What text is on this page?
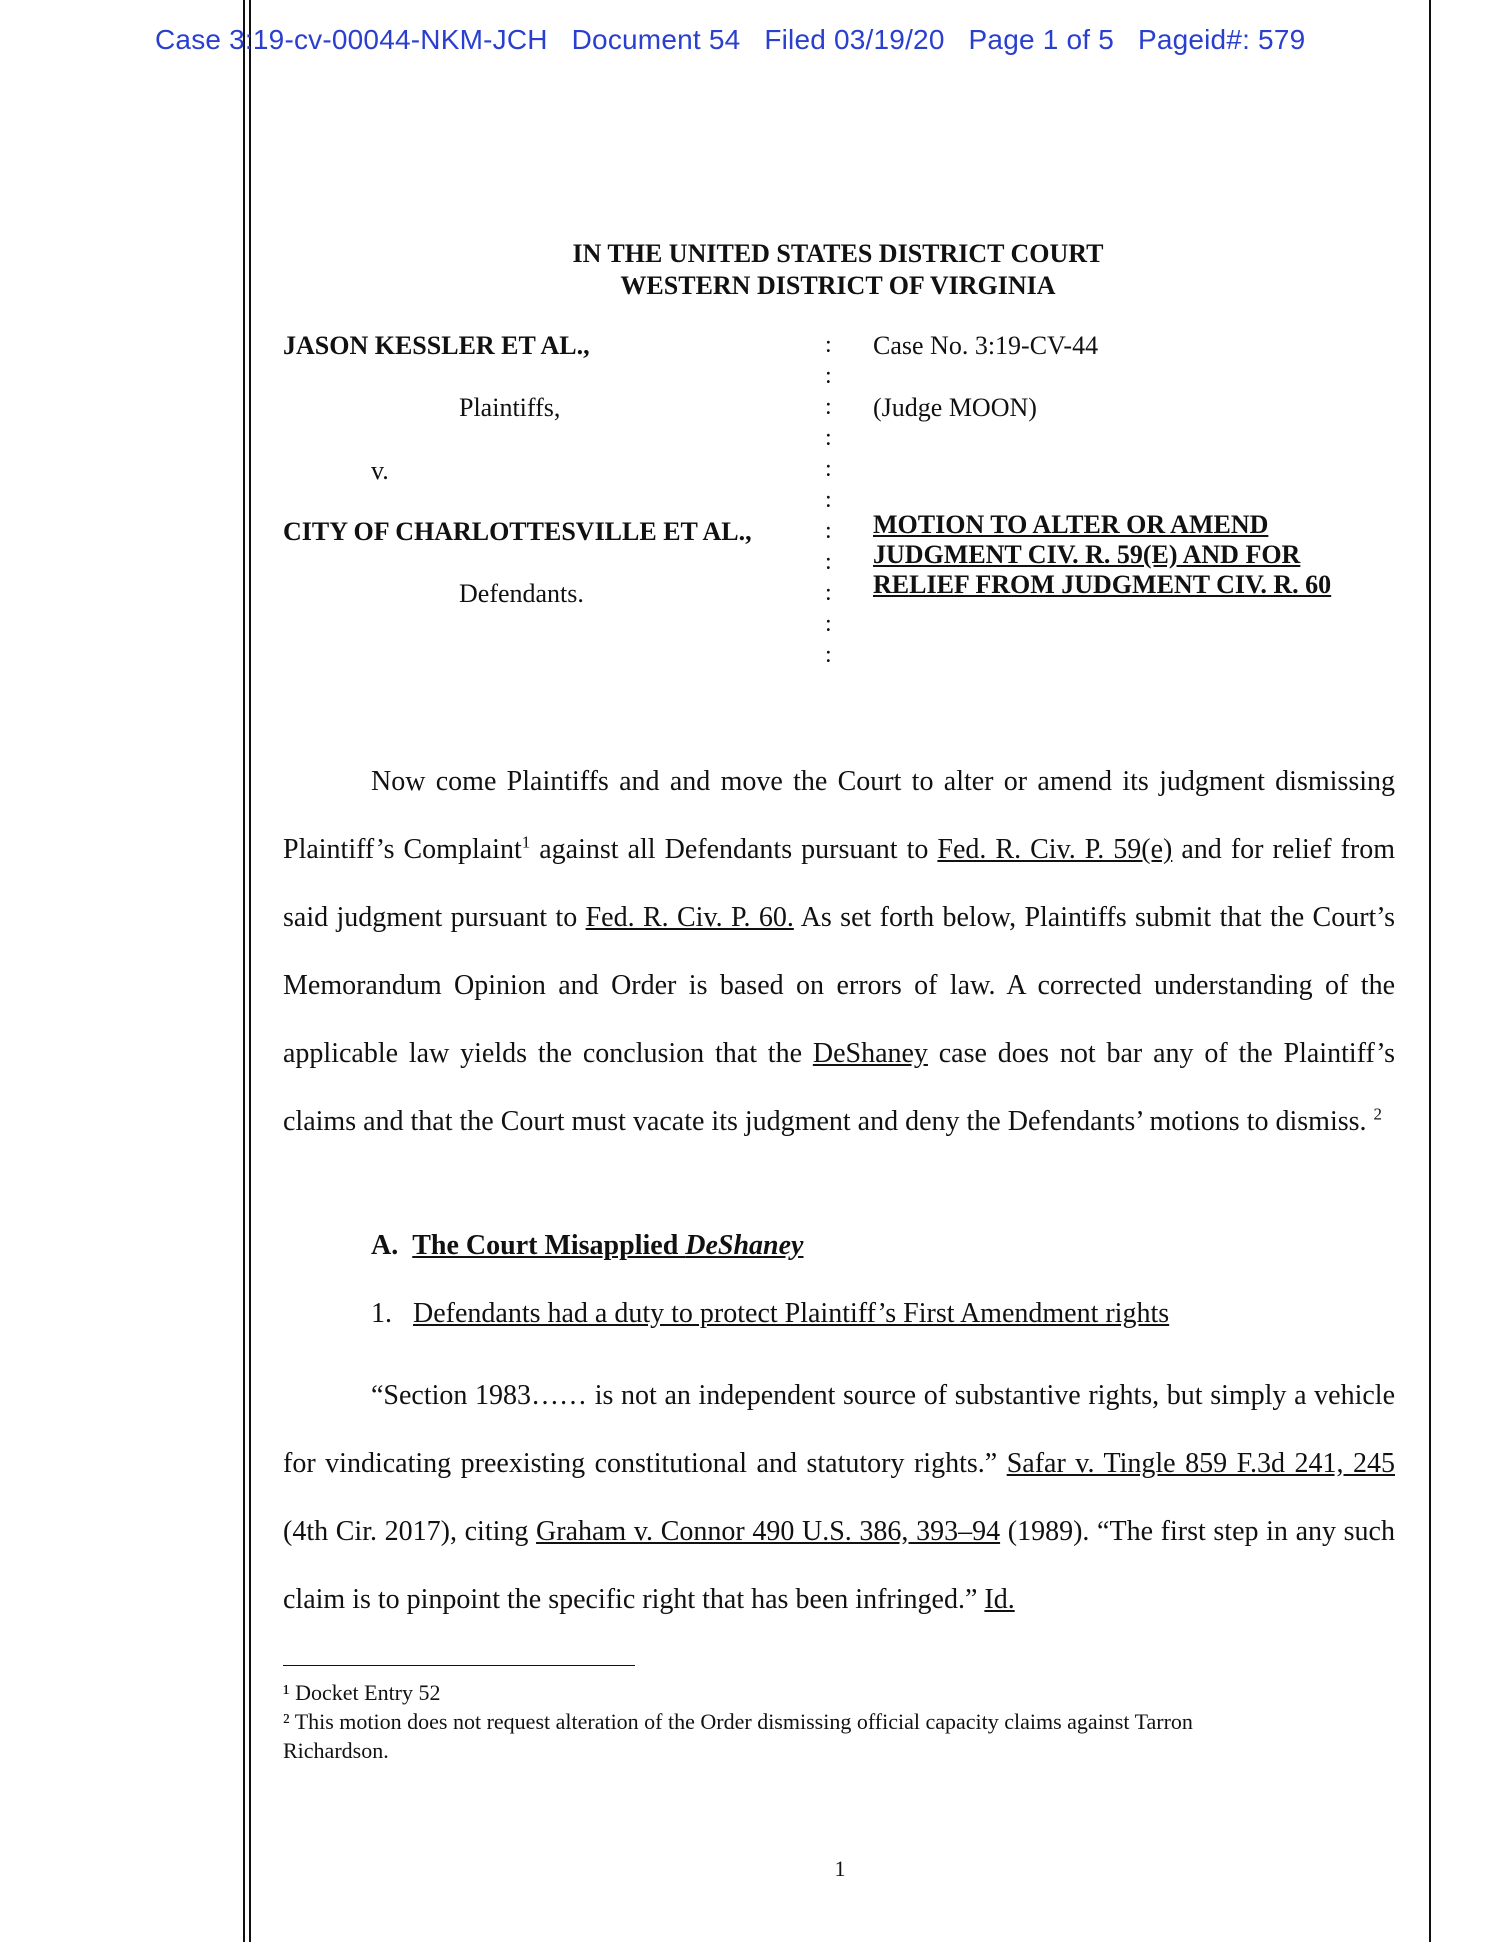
Case 3:19-cv-00044-NKM-JCH Document 54 Filed 03/19/20 Page 1 of 5 Pageid#: 579
IN THE UNITED STATES DISTRICT COURT
WESTERN DISTRICT OF VIRGINIA
JASON KESSLER ET AL.,
Plaintiffs,
v.
CITY OF CHARLOTTESVILLE ET AL.,
Defendants.
:
:
:
:
:
:
:
:
:
:
:
Case No. 3:19-CV-44
(Judge MOON)
MOTION TO ALTER OR AMEND
JUDGMENT CIV. R. 59(E) AND FOR
RELIEF FROM JUDGMENT CIV. R. 60

Now come Plaintiffs and and move the Court to alter or amend its judgment dismissing Plaintiff’s Complaint$^1$ against all Defendants pursuant to Fed. R. Civ. P. 59(e) and for relief from said judgment pursuant to Fed. R. Civ. P. 60. As set forth below, Plaintiffs submit that the Court’s Memorandum Opinion and Order is based on errors of law. A corrected understanding of the applicable law yields the conclusion that the DeShaney case does not bar any of the Plaintiff’s claims and that the Court must vacate its judgment and deny the Defendants’ motions to dismiss. $^2$

A. The Court Misapplied DeShaney
1. Defendants had a duty to protect Plaintiff’s First Amendment rights

“Section 1983…… is not an independent source of substantive rights, but simply a vehicle for vindicating preexisting constitutional and statutory rights.” Safar v. Tingle 859 F.3d 241, 245 (4th Cir. 2017), citing Graham v. Connor 490 U.S. 386, 393–94 (1989). “The first step in any such claim is to pinpoint the specific right that has been infringed.” Id.

¹ Docket Entry 52
² This motion does not request alteration of the Order dismissing official capacity claims against Tarron
Richardson.
1
